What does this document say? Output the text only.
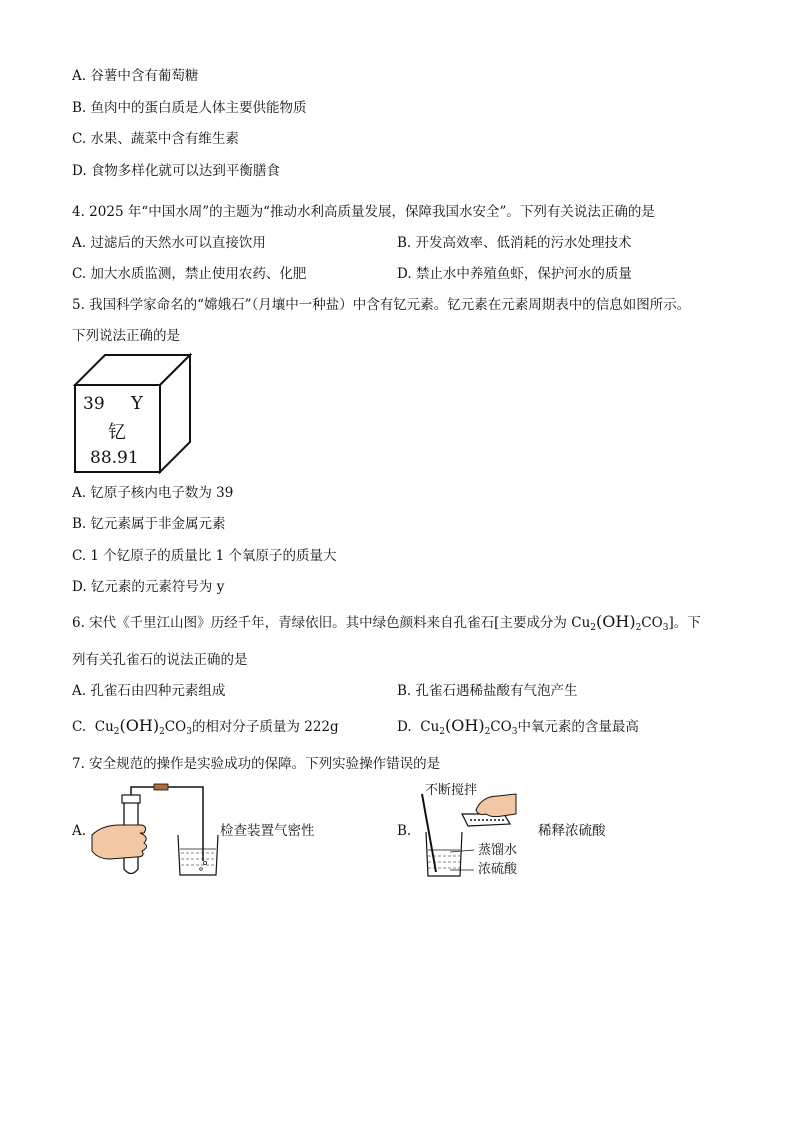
A. 谷薯中含有葡萄糖
B. 鱼肉中的蛋白质是人体主要供能物质
C. 水果、蔬菜中含有维生素
D. 食物多样化就可以达到平衡膳食
4. 2025 年“中国水周”的主题为“推动水利高质量发展，保障我国水安全”。下列有关说法正确的是
A. 过滤后的天然水可以直接饮用	B. 开发高效率、低消耗的污水处理技术
C. 加大水质监测，禁止使用农药、化肥	D. 禁止水中养殖鱼虾，保护河水的质量
5. 我国科学家命名的“嫦娥石”（月壤中一种盐）中含有钇元素。钇元素在元素周期表中的信息如图所示。
下列说法正确的是
39 Y
钇
88.91
A. 钇原子核内电子数为 39
B. 钇元素属于非金属元素
C. 1 个钇原子的质量比 1 个氧原子的质量大
D. 钇元素的元素符号为 y
6. 宋代《千里江山图》历经千年，青绿依旧。其中绿色颜料来自孔雀石[主要成分为 $Cu_2(OH)_2CO_3$]。下
列有关孔雀石的说法正确的是
A. 孔雀石由四种元素组成	B. 孔雀石遇稀盐酸有气泡产生
C. $Cu_2(OH)_2CO_3$的相对分子质量为 222g	D. $Cu_2(OH)_2CO_3$中氧元素的含量最高
7. 安全规范的操作是实验成功的保障。下列实验操作错误的是
A.	检查装置气密性	B.
不断搅拌
蒸馏水
浓硫酸
稀释浓硫酸
